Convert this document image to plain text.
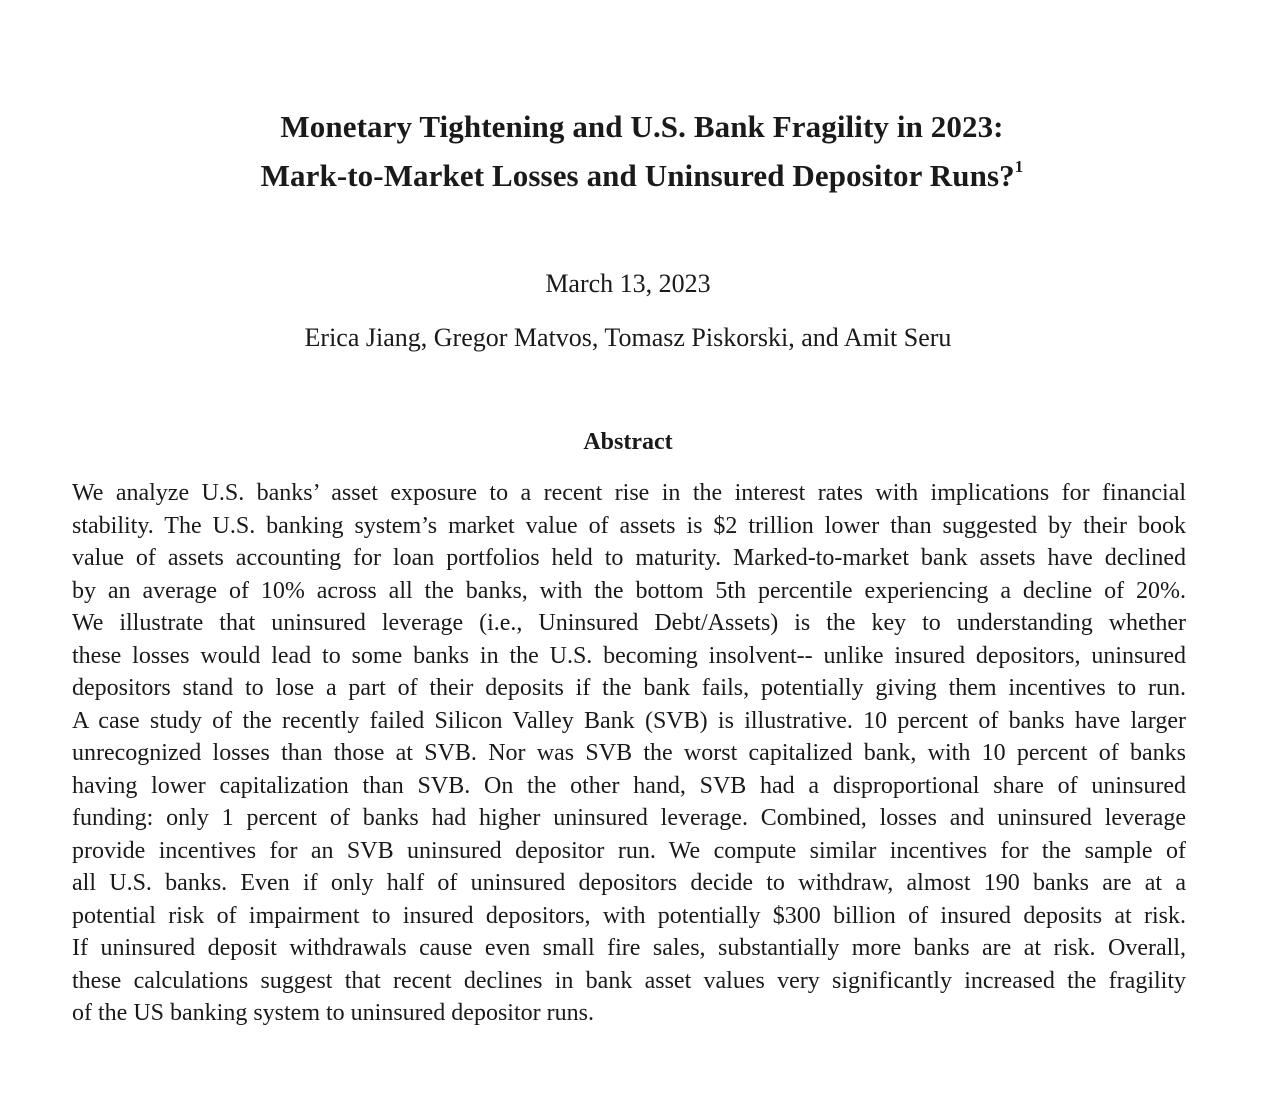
Monetary Tightening and U.S. Bank Fragility in 2023:
Mark-to-Market Losses and Uninsured Depositor Runs?$^1$
March 13, 2023
Erica Jiang, Gregor Matvos, Tomasz Piskorski, and Amit Seru
Abstract
We analyze U.S. banks’ asset exposure to a recent rise in the interest rates with implications for financial
stability. The U.S. banking system’s market value of assets is $2 trillion lower than suggested by their book
value of assets accounting for loan portfolios held to maturity. Marked-to-market bank assets have declined
by an average of 10% across all the banks, with the bottom 5th percentile experiencing a decline of 20%.
We illustrate that uninsured leverage (i.e., Uninsured Debt/Assets) is the key to understanding whether
these losses would lead to some banks in the U.S. becoming insolvent-- unlike insured depositors, uninsured
depositors stand to lose a part of their deposits if the bank fails, potentially giving them incentives to run.
A case study of the recently failed Silicon Valley Bank (SVB) is illustrative. 10 percent of banks have larger
unrecognized losses than those at SVB. Nor was SVB the worst capitalized bank, with 10 percent of banks
having lower capitalization than SVB. On the other hand, SVB had a disproportional share of uninsured
funding: only 1 percent of banks had higher uninsured leverage. Combined, losses and uninsured leverage
provide incentives for an SVB uninsured depositor run. We compute similar incentives for the sample of
all U.S. banks. Even if only half of uninsured depositors decide to withdraw, almost 190 banks are at a
potential risk of impairment to insured depositors, with potentially $300 billion of insured deposits at risk.
If uninsured deposit withdrawals cause even small fire sales, substantially more banks are at risk. Overall,
these calculations suggest that recent declines in bank asset values very significantly increased the fragility
of the US banking system to uninsured depositor runs.
